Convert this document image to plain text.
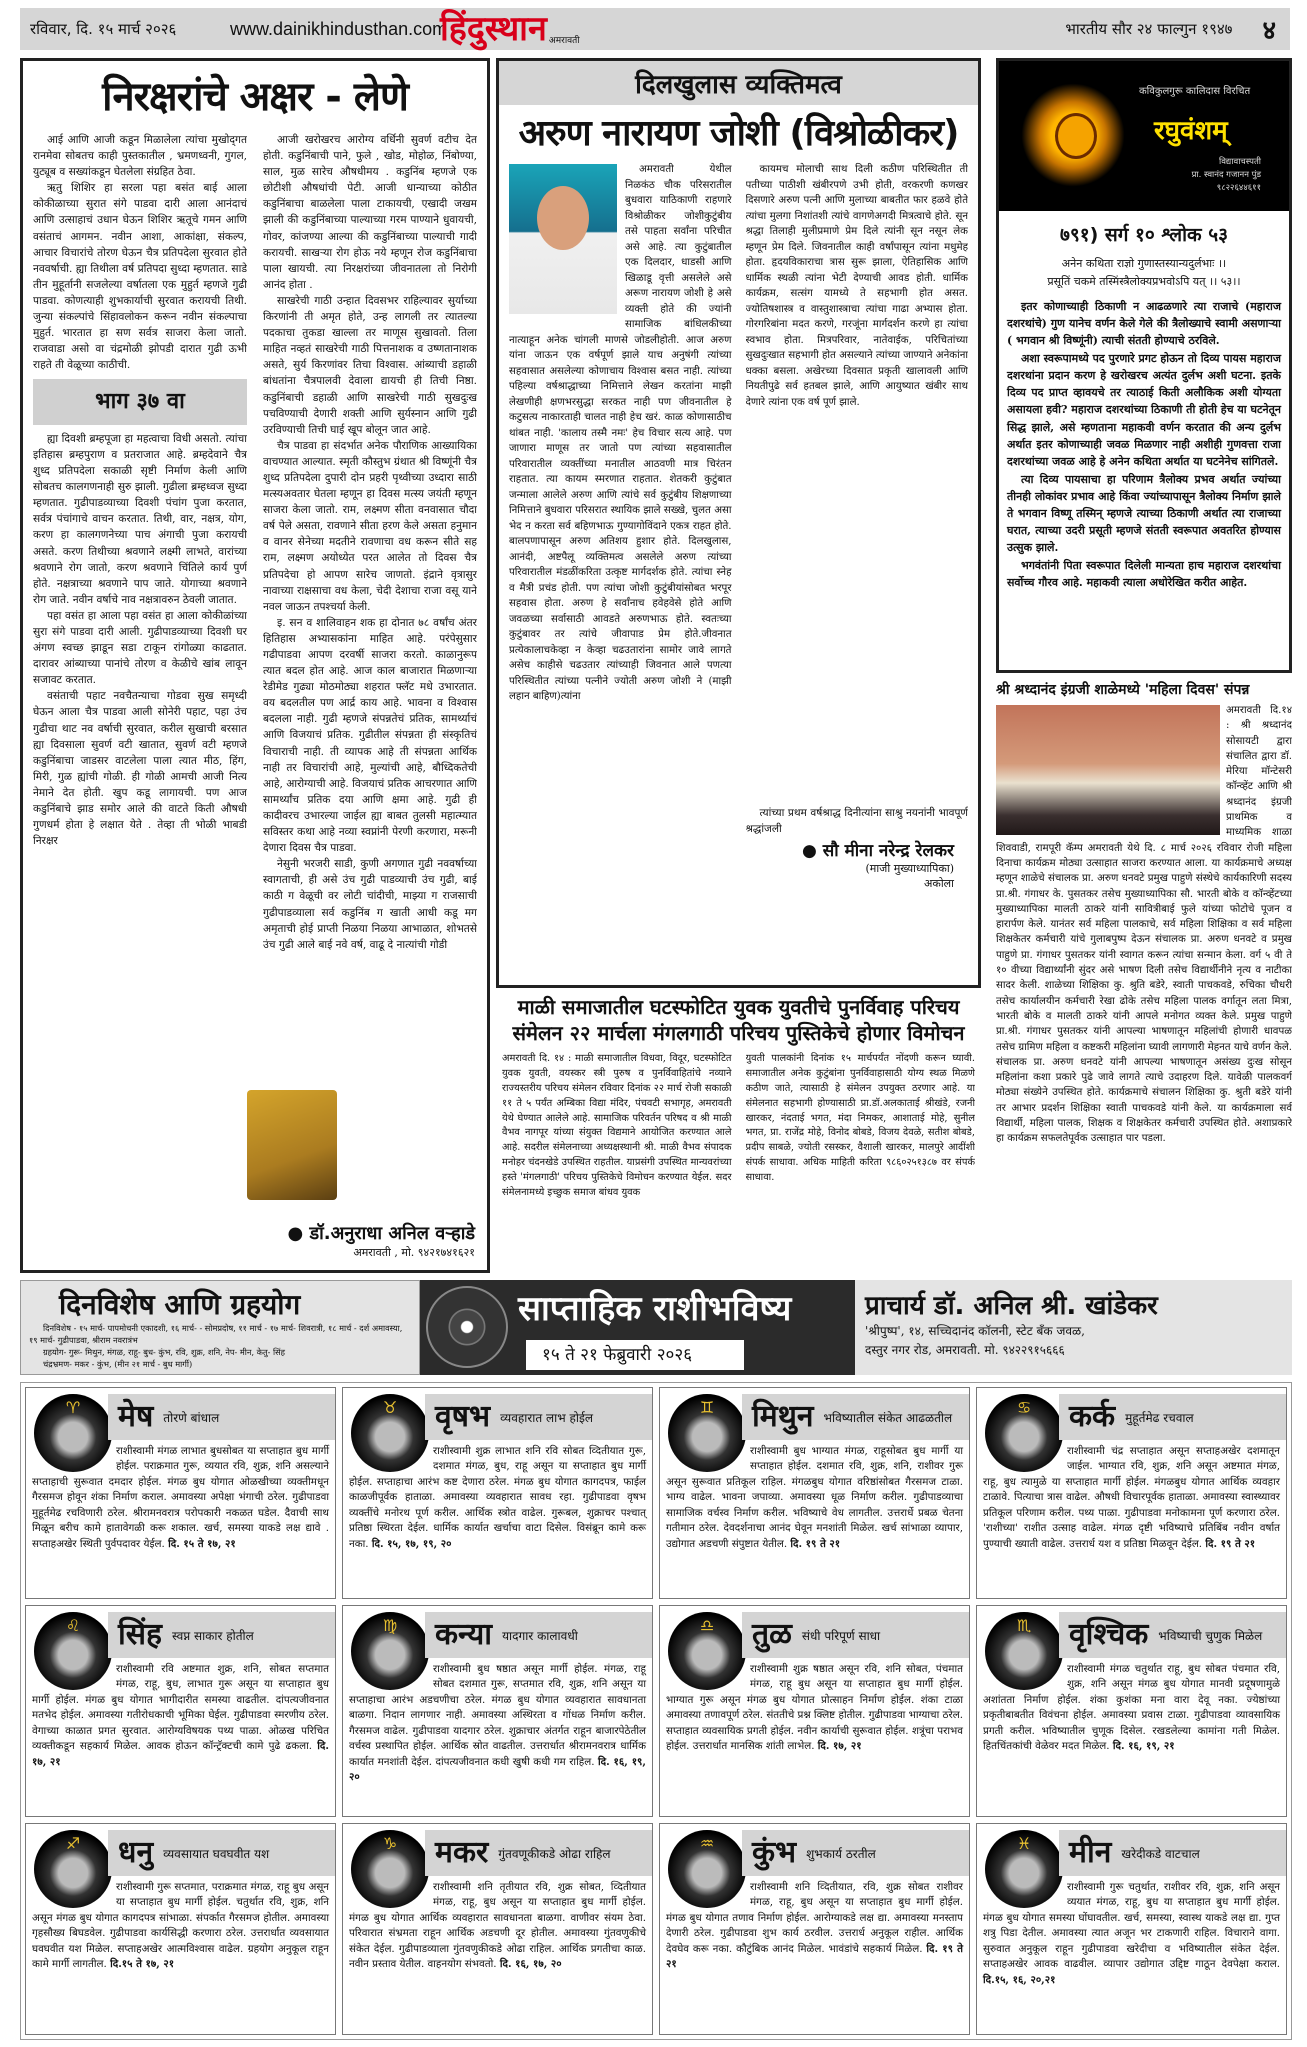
रविवार, दि. १५ मार्च २०२६	www.dainikhindusthan.com
हिंदुस्थान अमरावती
भारतीय सौर २४ फाल्गुन १९४७ ४
निरक्षरांचे अक्षर - लेणे

आई आणि आजी कडून मिळालेला त्यांचा मुखोद्‌गत रानमेवा सोबतच काही पुस्तकातील , भ्रमणध्वनी, गुगल, युट्यूब व सख्यांकडून घेतलेला संग्रहित ठेवा.

ऋतु शिशिर हा सरला पहा बसंत बाई आला कोकीळाच्या सुरात संगे पाडवा दारी आला आनंदाचं आणि उत्साहाचं उधान घेऊन शिशिर ऋतूचे गमन आणि वसंताचं आगमन. नवीन आशा, आकांक्षा, संकल्प, आचार विचारांचे तोरण घेऊन चैत्र प्रतिपदेला सुरवात होते नववर्षाची. ह्या तिथीला वर्ष प्रतिपदा सुध्दा म्हणतात. साडे तीन मुहूर्तानी सजलेल्या वर्षातला एक मुहुर्त म्हणजे गुढी पाडवा. कोणत्याही शुभकार्याची सुरवात करायची तिथी. जुन्या संकल्पांचे सिंहावलोकन करून नवीन संकल्पाचा मुहुर्त. भारतात हा सण सर्वत्र साजरा केला जातो. राजवाडा असो वा चंद्रमोळी झोपडी दारात गुढी ऊभी राहते ती वेळूच्या काठीची.

भाग ३७ वा

ह्या दिवशी ब्रम्हपूजा हा महत्वाचा विधी असतो. त्यांचा इतिहास ब्रम्हपुराण व प्रतराजात आहे. ब्रम्हदेवाने चैत्र शुध्द प्रतिपदेला सकाळी सृष्टी निर्माण केली आणि सोबतच कालगणनाही सुरु झाली. गुढीला ब्रम्हध्वज सुध्दा म्हणतात. गुढीपाडव्याच्या दिवशी पंचांग पुजा करतात, सर्वत्र पंचांगाचे वाचन करतात. तिथी, वार, नक्षत्र, योग, करण हा कालगणनेच्या पाच अंगाची पुजा करायची असते. करण तिथीच्या श्रवणाने लक्ष्मी लाभते, वारांच्या श्रवणाने रोग जातो, करण श्रवणाने चिंतिले कार्य पुर्ण होते. नक्षत्राच्या श्रवणाने पाप जाते. योगाच्या श्रवणाने रोग जाते. नवीन वर्षाचे नाव नक्षत्रावरुन ठेवली जातात.

पहा वसंत हा आला पहा वसंत हा आला कोकीळांच्या सुरा संगे पाडवा दारी आली. गुढीपाडव्याच्या दिवशी घर अंगण स्वच्छ झाडून सडा टाकून रांगोळ्या काढतात. दारावर आंब्याच्या पानांचे तोरण व केळीचे खांब लावून सजावट करतात.

वसंताची पहाट नवचैतन्याचा गोडवा सुख समृध्दी घेऊन आला चैत्र पाडवा आली सोनेरी पहाट, पहा उंच गुढीचा थाट नव वर्षाची सुरवात, करील सुखाची बरसात ह्या दिवसाला सुवर्ण वटी खातात, सुवर्ण वटी म्हणजे कडुनिंबाचा जाडसर वाटलेला पाला त्यात मीठ, हिंग, मिरी, गुळ ह्यांची गोळी. ही गोळी आमची आजी नित्य नेमाने देत होती. खुप कडू लागायची. पण आज कडुनिंबाचे झाड समोर आले की वाटते किती औषधी गुणधर्म होता हे लक्षात येते . तेव्हा ती भोळी भाबडी निरक्षर

आजी खरोखरच आरोग्य वर्धिनी सुवर्ण वटीच देत होती. कडुनिंबाची पाने, फुले , खोड, मोहोळ, निंबोण्या, साल, मुळ सारेच औषधीमय . कडुनिंब म्हणजे एक छोटीशी औषधांची पेटी. आजी धान्याच्या कोठीत कडुनिंबाचा बाळलेला पाला टाकायची, एखादी जखम झाली की कडुनिंबाच्या पाल्याच्या गरम पाण्याने धुवायची, गोवर, कांजण्या आल्या की कडुनिंबाच्या पाल्याची गादी करायची. साखऱ्या रोग होऊ नये म्हणून रोज कडुनिंबाचा पाला खायची. त्या निरक्षरांच्या जीवनातला तो निरोगी आनंद होता .

साखरेची गाठी उन्हात दिवसभर राहिल्यावर सुर्याच्या किरणांनी ती अमृत होते, उन्ह लागली तर त्यातल्या पदकाचा तुकडा खाल्ला तर माणूस सुखावतो. तिला माहित नव्हतं साखरेची गाठी पित्तनाशक व उष्णतानाशक असते, सुर्य किरणांवर तिचा विश्वास. आंब्याची डहाळी बांधतांना चैत्रपालवी देवाला द्यायची ही तिची निष्ठा. कडुनिंबाची डहाळी आणि साखरेची गाठी सुखदुःख पचविण्याची देणारी शक्ती आणि सुर्यस्नान आणि गुढी उरविण्याची तिची घाई खूप बोलून जात आहे.

चैत्र पाडवा हा संदर्भात अनेक पौराणिक आख्यायिका वाचण्यात आल्यात. स्मृती कौस्तुभ ग्रंथात श्री विष्णूंनी चैत्र शुध्द प्रतिपदेला दुपारी दोन प्रहरी पृथ्वीच्या उध्दारा साठी मत्स्यअवतार घेतला म्हणून हा दिवस मत्स्य जयंती म्हणून साजरा केला जातो. राम, लक्ष्मण सीता वनवासात चौदा वर्ष पेले असता, रावणाने सीता हरण केले असता हनुमान व वानर सेनेच्या मदतीने रावणाचा वध करून सीते सह राम, लक्ष्मण अयोध्येत परत आलेत तो दिवस चैत्र प्रतिपदेचा हो आपण सारेच जाणतो. इंद्राने वृत्रासुर नावाच्या राक्षसाचा वध केला, चेदी देशाचा राजा वसू याने नवल जाऊन तपश्चर्या केली.

इ. सन व शालिवाहन शक हा दोनात ७८ वर्षांच अंतर हितिहास अभ्यासकांना माहित आहे. परंपेसुसार गढीपाडवा आपण दरवर्षी साजरा करतो. काळानुरूप त्यात बदल होत आहे. आज काल बाजारात मिळणाऱ्या रेडीमेड गुढ्या मोठमोठ्या शहरात फ्लॅट मधे उभारतात. वय बदलतील पण आर्द्र काय आहे. भावना व विश्वास बदलला नाही. गुढी म्हणजे संपन्नतेचं प्रतिक, सामर्थ्याचं आणि विजयाचं प्रतिक. गुढीतील संपन्नता ही संस्कृतिचं विचाराची नाही. ती व्यापक आहे ती संपन्नता आर्थिक नाही तर विचारांची आहे, मुल्यांची आहे, बौध्दिकतेची आहे, आरोग्याची आहे. विजयाचं प्रतिक आचरणात आणि सामर्थ्यांच प्रतिक दया आणि क्षमा आहे. गुढी ही कादीवरच उभारल्या जाईल ह्या बाबत तुलसी महात्म्यात सविस्तर कथा आहे नव्या स्वप्नांनी पेरणी करणारा, मरूनी देणारा दिवस चैत्र पाडवा.

नेसुनी भरजरी साडी, कुणी अगणात गुढी नववर्षाच्या स्वागताची, ही असे उंच गुढी पाडव्याची उंच गुढी, बाई काठी ग वेळूची वर लोटी चांदीची, माझ्या ग राजसाची गुढीपाडव्याला सर्व कडुनिंब ग खाती आधी कडू मग अमृताची होई प्राप्ती निळया निळया आभाळात, शोभतसे उंच गुढी आले बाई नवे वर्ष, वाढू दे नात्यांची गोडी

● डॉ.अनुराधा अनिल वऱ्हाडे
अमरावती , मो. ९४२१७४१६२१
दिलखुलास व्यक्तिमत्व
अरुण नारायण जोशी (विश्रोळीकर)

अमरावती येथील निळकंठ चौक परिसरातील बुधवारा याठिकाणी राहणारे विश्रोळीकर जोशीकुटुंबीय तसे पाहता सर्वांना परिचीत असे आहे. त्या कुटुंबातील एक दिलदार, धाडसी आणि खिळाडू वृत्ती असलेले असे अरूण नारायण जोशी हे असे व्यक्ती होते की ज्यांनी सामाजिक बांधिलकीच्या नात्याहून अनेक चांगली माणसे जोडलीहोती. आज अरुण यांना जाऊन एक वर्षपूर्ण झाले याच अनुषंगी त्यांच्या सहवासात असलेल्या कोणाचाय विश्वास बसत नाही. त्यांच्या पहिल्या वर्षश्राद्धाच्या निमित्ताने लेखन करतांना माझी लेखणीही क्षणभरसुद्धा सरकत नाही पण जीवनातील हे कटुसत्य नाकारताही चालत नाही हेच खरं. काळ कोणासाठीच थांबत नाही. 'कालाय तस्मै नमः' हेच विचार सत्य आहे. पण जाणारा माणूस तर जातो पण त्यांच्या सहवासातील परिवारातील व्यक्तींच्या मनातील आठवणी मात्र चिरंतन राहतात. त्या कायम स्मरणात राहतात. शेतकरी कुटुंबात जन्माला आलेले अरुण आणि त्यांचे सर्व कुटुंबीय शिक्षणाच्या निमित्ताने बुधवारा परिसरात स्थायिक झाले सख्खे, चुलत असा भेद न करता सर्व बहिणभाऊ गुण्यागोविंदाने एकत्र राहत होते. बालपणापासून अरुण अतिशय हुशार होते. दिलखुलास, आनंदी, अष्टपैलू व्यक्तिमत्व असलेले अरुण त्यांच्या परिवारातील मंडळींकरिता उत्कृष्ट मार्गदर्शक होते. त्यांचा स्नेह व मैत्री प्रचंड होती. पण त्यांचा जोशी कुटुंबीयांसोबत भरपूर सहवास होता. अरुण हे सर्वांनाच हवेहवेसे होते आणि जवळच्या सर्वासाठी आवडते अरुणभाऊ होते. स्वतःच्या कुटुंबावर तर त्यांचे जीवापाड प्रेम होते.जीवनात प्रत्येकालाचकेव्हा न केव्हा चढउतारांना सामोर जावे लागते असेच काहीसे चढउतार त्यांच्याही जिवनात आले पणत्या परिस्थितीत त्यांच्या पत्नीने ज्योती अरुण जोशी ने (माझी लहान बाहिण)त्यांना

कायमच मोलाची साथ दिली कठीण परिस्थितीत ती पतीच्या पाठीशी खंबीरपणे उभी होती, वरकरणी कणखर दिसणारे अरुण पत्नी आणि मुलाच्या बाबतीत फार हळवे होते त्यांचा मुलगा निशांतशी त्यांचे वागणेअगदी मित्रत्वाचे होते. सून श्रद्धा तिलाही मुलीप्रमाणे प्रेम दिले त्यांनी सून नसून लेक म्हणून प्रेम दिले. जिवनातील काही वर्षांपासून त्यांना मधुमेह होता. हृदयविकाराचा त्रास सुरू झाला, ऐतिहासिक आणि धार्मिक स्थळी त्यांना भेटी देण्याची आवड होती. धार्मिक कार्यक्रम, सत्संग यामध्ये ते सहभागी होत असत. ज्योतिषशास्त्र व वास्तुशास्त्राचा त्यांचा गाढा अभ्यास होता. गोरगरिबांना मदत करणे, गरजूंना मार्गदर्शन करणे हा त्यांचा स्वभाव होता. मित्रपरिवार, नातेवाईक, परिचितांच्या सुखदुःखात सहभागी होत असल्याने त्यांच्या जाण्याने अनेकांना धक्का बसला. अखेरच्या दिवसात प्रकृती खालावली आणि नियतीपुढे सर्व हतबल झाले, आणि आयुष्यात खंबीर साथ देणारे त्यांना एक वर्ष पूर्ण झाले.

त्यांच्या प्रथम वर्षश्राद्ध दिनीत्यांना साश्रु नयनांनी भावपूर्ण श्रद्धांजली

● सौ मीना नरेन्द्र रेलकर
(माजी मुख्याध्यापिका)
अकोला
माळी समाजातील घटस्फोटित युवक युवतीचे पुनर्विवाह परिचय
संमेलन २२ मार्चला मंगलगाठी परिचय पुस्तिकेचे होणार विमोचन
अमरावती दि. १४ : माळी समाजातील विधवा, विदूर, घटस्फोटित युवक युवती, वयस्कर स्त्री पुरुष व पुनर्विवाहितांचे नव्याने राज्यस्तरीय परिचय संमेलन रविवार दिनांक २२ मार्च रोजी सकाळी ११ ते ५ पर्यंत अम्बिका विद्या मंदिर, पंचवटी सभागृह, अमरावती येथे घेण्यात आलेले आहे. सामाजिक परिवर्तन परिषद व श्री माळी वैभव नागपूर यांच्या संयुक्त विद्यमाने आयोजित करण्यात आले आहे. सदरील संमेलनाच्या अध्यक्षस्थानी श्री. माळी वैभव संपादक मनोहर चंदनखेडे उपस्थित राहतील. याप्रसंगी उपस्थित मान्यवरांच्या हस्ते 'मंगलगाठी' परिचय पुस्तिकेचे विमोचन करण्यात येईल. सदर संमेलनामध्ये इच्छुक समाज बांधव युवक
युवती पालकांनी दिनांक १५ मार्चपर्यंत नोंदणी करून घ्यावी. समाजातील अनेक कुटुंबांना पुनर्विवाहासाठी योग्य स्थळ मिळणे कठीण जाते, त्यासाठी हे संमेलन उपयुक्त ठरणार आहे. या संमेलनात सहभागी होण्यासाठी प्रा.डॉ.अलकाताई श्रीखंडे, रजनी खारकर, नंदताई भगत, मंदा निमकर, आशाताई मोहे, सुनील भगत, प्रा. राजेंद्र मोहे, विनोद बोबडे, विजय देवळे, सतीश बोबडे, प्रदीप साबळे, ज्योती रसस्कर, वैशाली खारकर, मालपुरे आदींशी संपर्क साधावा. अधिक माहिती करिता ९८६०२५१३८७ वर संपर्क साधावा.
कविकुलगुरू कालिदास विरचित
रघुवंशम्
विद्यावाचस्पती
प्रा. स्वानंद गजानन पुंड
९८२२६४४६११
७९१) सर्ग १० श्लोक ५३
अनेन कथिता राज्ञो गुणास्तस्यान्यदुर्लभाः ।।
प्रसूतिं चकमे तस्मिंस्त्रैलोक्यप्रभवोऽपि यत् ।। ५३।।

इतर कोणाच्याही ठिकाणी न आढळणारे त्या राजाचे (महाराज दशरथांचे) गुण यानेच वर्णन केले गेले की त्रैलोख्याचे स्वामी असणाऱ्या ( भगवान श्री विष्णूंनी) त्याची संतती होण्याचे ठरविले.

अशा स्वरूपामध्ये पद पुरणारे प्रगट होऊन तो दिव्य पायस महाराज दशरथांना प्रदान करण हे खरोखरच अत्यंत दुर्लभ अशी घटना. इतके दिव्य पद प्राप्त व्हावयचे तर त्याठाई किती अलौकिक अशी योग्यता असायला हवी? महाराज दशरथांच्या ठिकाणी ती होती हेच या घटनेतून सिद्ध झाले, असे म्हणताना महाकवी वर्णन करतात की अन्य दुर्लभ अर्थात इतर कोणाच्याही जवळ मिळणार नाही अशीही गुणवत्ता राजा दशरथांच्या जवळ आहे हे अनेन कथिता अर्थात या घटनेनेच सांगितले.

त्या दिव्य पायसाचा हा परिणाम त्रैलोक्य प्रभव अर्थात ज्यांच्या तीनही लोकांवर प्रभाव आहे किंवा ज्यांच्यापासून त्रैलोक्य निर्माण झाले ते भगवान विष्णू तस्मिन् म्हणजे त्याच्या ठिकाणी अर्थात त्या राजाच्या घरात, त्याच्या उदरी प्रसूती म्हणजे संतती स्वरूपात अवतरित होण्यास उत्सुक झाले.

भगवंतांनी पिता स्वरूपात दिलेली मान्यता हाच महाराज दशरथांचा सर्वोच्च गौरव आहे. महाकवी त्याला अधोरेखित करीत आहेत.

श्री श्रध्दानंद इंग्रजी शाळेमध्ये 'महिला दिवस' संपन्न
अमरावती दि.१४ : श्री श्रध्दानंद सोसायटी द्वारा संचालित द्वारा डॉ. मेरिया मॉन्टेसरी कॉन्व्हेंट आणि श्री श्रध्दानंद इंग्रजी प्राथमिक व माध्यमिक शाळा शिववाडी, रामपूरी कॅम्प अमरावती येथे दि. ८ मार्च २०२६ रविवार रोजी महिला दिनाचा कार्यक्रम मोठ्या उत्साहात साजरा करण्यात आला. या कार्यक्रमाचे अध्यक्ष म्हणून शाळेचे संचालक प्रा. अरुण धनवटे प्रमुख पाहुणे संस्थेचे कार्यकारिणी सदस्य प्रा.श्री. गंगाधर के. पुसतकर तसेच मुख्याध्यापिका सौ. भारती बोके व कॉन्व्हेंटच्या मुख्याध्यापिका मालती ठाकरे यांनी सावित्रीबाई फुले यांच्या फोटोचे पूजन व हारार्पण केले. यानंतर सर्व महिला पालकाचे, सर्व महिला शिक्षिका व सर्व महिला शिक्षकेतर कर्मचारी यांचे गुलाबपुष्प देऊन संचालक प्रा. अरुण धनवटे व प्रमुख पाहुणे प्रा. गंगाधर पुसतकर यांनी स्वागत करून त्यांचा सन्मान केला. वर्ग ५ वी ते १० वीच्या विद्यार्थ्यांनी सुंदर असे भाषण दिली तसेच विद्यार्थीनीने नृत्य व नाटीका सादर केली. शाळेच्या शिक्षिका कु. श्रुति बडेरे, स्वाती पाचकवडे, रुचिका चौधरी तसेच कार्यालयीन कर्मचारी रेखा ढोके तसेच महिला पालक वर्गातून लता मित्रा, भारती बोके व मालती ठाकरे यांनी आपले मनोगत व्यक्त केले. प्रमुख पाहुणे प्रा.श्री. गंगाधर पुसतकर यांनी आपल्या भाषणातून महिलांची होणारी धावपळ तसेच ग्रामिण महिला व कष्टकरी महिलांना घ्यावी लागणारी मेहनत याचे वर्णन केले. संचालक प्रा. अरुण धनवटे यांनी आपल्या भाषणातून असंख्य दुःख सोसून महिलांना कशा प्रकारे पुढे जावे लागते त्याचे उदाहरण दिले. यावेळी पालकवर्ग मोठ्या संख्येने उपस्थित होते. कार्यक्रमाचे संचालन शिक्षिका कु. श्रुती बडेरे यांनी तर आभार प्रदर्शन शिक्षिका स्वाती पाचकवडे यांनी केले. या कार्यक्रमाला सर्व विद्यार्थी, महिला पालक, शिक्षक व शिक्षकेतर कर्मचारी उपस्थित होते. अशाप्रकारे हा कार्यक्रम सफलतेपूर्वक उत्साहात पार पडला.
दिनविशेष आणि ग्रहयोग
दिनविशेष - १५ मार्च- पापमोचनी एकादशी, १६ मार्च- - सोमप्रदोष, ११ मार्च - १७ मार्च- शिवरात्री, १८ मार्च - दर्श अमावस्या, १९ मार्च- गुढीपाडवा, श्रीराम नवरात्रंभ
ग्रहयोग- गुरू- मिथुन, मंगळ, राहू- बुध- कुंभ, रवि, शुक्र, शनि, नेप- मीन, केतु- सिंह
चंद्रभ्रमण- मकर - कुंभ, (मीन २१ मार्च - बुध मार्गी)
साप्ताहिक राशीभविष्य
१५ ते २१ फेब्रुवारी २०२६
प्राचार्य डॉ. अनिल श्री. खांडेकर
'श्रीपुष्प', १४, सच्चिदानंद कॉलनी, स्टेट बँक जवळ,
दस्तुर नगर रोड, अमरावती. मो. ९४२२९१५६६६
♈	मेष तोरणे बांधाल
राशीस्वामी मंगळ लाभात बुधसोबत या सप्ताहात बुध मार्गी होईल. पराक्रमात गुरू, व्ययात रवि, शुक्र, शनि असल्याने सप्ताहाची सुरूवात दमदार होईल. मंगळ बुध योगात ओळखीच्या व्यक्तीमधून गैरसमज होवून शंका निर्माण कराल. अमावस्या अपेक्षा भंगाची ठरेल. गुढीपाडवा मुहूर्तमेढ रचविणारी ठरेल. श्रीरामनवरात्र परोपकारी नकळत घडेल. दैवाची साथ मिळून बरीच कामे हातावेगळी करू शकाल. खर्च, समस्या याकडे लक्ष द्यावे . सप्ताहअखेर स्थिती पुर्वपदावर येईल. दि. १५ ते १७, २१
♉	वृषभ व्यवहारात लाभ होईल
राशीस्वामी शुक्र लाभात शनि रवि सोबत व्दितीयात गुरू, दशमात मंगळ, बुध, राहू असून या सप्ताहात बुध मार्गी होईल. सप्ताहाचा आरंभ कष्ट देणारा ठरेल. मंगळ बुध योगात कागदपत्र, फाईल काळजीपूर्वक हाताळा. अमावस्या व्यवहारात सावध रहा. गुढीपाडवा वृषभ व्यक्तींचे मनोरथ पूर्ण करील. आर्थिक स्त्रोत वाढेल. गुरूबल, शुक्राचर पश्चात्‌ प्रतिष्ठा स्थिरता देईल. धार्मिक कार्यात खर्चाचा वाटा दिसेल. विसंब्रून कामे करू नका. दि. १५, १७, १९, २०
♊	मिथुन भविष्यातील संकेत आढळतील
राशीस्वामी बुध भाग्यात मंगळ, राहूसोबत बुध मार्गी या सप्ताहात होईल. दशमात रवि, शुक्र, शनि, राशीवर गुरू असून सुरूवात प्रतिकूल राहिल. मंगळबुध योगात वरिष्ठांसोबत गैरसमज टाळा. भाग्य वाढेल. भावना जपाव्या. अमावस्या धूळ निर्माण करील. गुढीपाडव्याचा सामाजिक वर्चस्व निर्माण करील. भविष्याचे वेध लागतील. उत्तरार्धे प्रबळ चेतना गतीमान ठरेल. देवदर्शनाचा आनंद घेवून मनशांती मिळेल. खर्च सांभाळा व्यापार, उद्योगात अडचणी संपुष्टात येतील. दि. १९ ते २१
♋	कर्क मुहूर्तमेढ रचवाल
राशीस्वामी चंद्र सप्ताहात असून सप्ताहअखेर दशमातून जाईल. भाग्यात रवि, शुक्र, शनि असून अष्टमात मंगळ, राहू, बुध त्यामुळे या सप्ताहात मार्गी होईल. मंगळबुध योगात आर्थिक व्यवहार टाळावे. पित्याचा त्रास वाढेल. औषधी विचारपूर्वक हाताळा. अमावस्या स्वास्थ्यावर प्रतिकूल परिणाम करील. पथ्य पाळा. गुढीपाडवा मनोकामना पूर्ण करणारा ठरेल. 'राशीच्या' राशीत उत्साह वाढेल. मंगळ दृष्टी भविष्याचे प्रतिबिंब नवीन वर्षात पुण्याची ख्याती वाढेल. उत्तरार्ध यश व प्रतिष्ठा मिळवून देईल. दि. १९ ते २१
♌	सिंह स्वप्न साकार होतील
राशीस्वामी रवि अष्टमात शुक्र, शनि, सोबत सप्तमात मंगळ, राहू, बुध, लाभात गुरू असून या सप्ताहात बुध मार्गी होईल. मंगळ बुध योगात भागीदारीत समस्या वाढतील. दांपत्यजीवनात मतभेद होईल. अमावस्या गतीरोधकाची भूमिका घेईल. गुढीपाडवा स्मरणीय ठरेल. वेगाच्या काळात प्रगत सुरवात. आरोग्यविषयक पथ्य पाळा. ओळख परिचित व्यक्तीकडून सहकार्य मिळेल. आवक होऊन कॉन्ट्रॅक्टची कामे पुढे ढकला. दि. १७, २१
♍	कन्या यादगार कालावधी
राशीस्वामी बुध षष्ठात असून मार्गी होईल. मंगळ, राहू सोबत दशमात गुरू, सप्तमात रवि, शुक्र, शनि असून या सप्ताहाचा आरंभ अडचणीचा ठरेल. मंगळ बुध योगात व्यवहारात सावधानता बाळगा. निदान लागणार नाही. अमावस्या अस्थिरता व गोंधळ निर्माण करील. गैरसमज वाढेल. गुढीपाडवा यादगार ठरेल. शुक्राचार अंतर्गत राहून बाजारपेठेतील वर्चस्व प्रस्थापित होईल. आर्थिक स्रोत वाढतील. उत्तरार्धात श्रीरामनवरात्र धार्मिक कार्यात मनशांती देईल. दांपत्यजीवनात कधी खुषी कधी गम राहिल. दि. १६, १९, २०
♎	तुळ संधी परिपूर्ण साधा
राशीस्वामी शुक्र षष्ठात असून रवि, शनि सोबत, पंचमात मंगळ, राहू बुध असून या सप्ताहात बुध मार्गी होईल. भाग्यात गुरू असून मंगळ बुध योगात प्रोत्साहन निर्माण होईल. शंका टाळा अमावस्या तणावपूर्ण ठरेल. संततीचे प्रश्न क्लिष्ट होतील. गुढीपाडवा भाग्याचा ठरेल. सप्ताहात व्यवसायिक प्रगती होईल. नवीन कार्याची सुरूवात होईल. शत्रूंचा पराभव होईल. उत्तरार्धात मानसिक शांती लाभेल. दि. १७, २१
♏	वृश्चिक भविष्याची चुणुक मिळेल
राशीस्वामी मंगळ चतुर्थात राहू, बुध सोबत पंचमात रवि, शुक्र, शनि असून मंगळ बुध योगात मानवी प्रदूषणामुळे अशांतता निर्माण होईल. शंका कुशंका मना वारा देवू नका. ज्येष्ठांच्या प्रकृतीबाबतीत विवंचना होईल. अमावस्या प्रवास टाळा. गुढीपाडवा व्यावसायिक प्रगती करील. भविष्यातील चुणूक दिसेल. रखडलेल्या कामांना गती मिळेल. हितचिंतकांची वेळेवर मदत मिळेल. दि. १६, १९, २१
♐	धनु व्यवसायात घवघवीत यश
राशीस्वामी गुरू सप्तमात, पराक्रमात मंगळ, राहू बुध असून या सप्ताहात बुध मार्गी होईल. चतुर्थात रवि, शुक्र, शनि असून मंगळ बुध योगात कागदपत्र सांभाळा. संपर्कात गैरसमज होतील. अमावस्या गृहसौख्य बिघडवेल. गुढीपाडवा कार्यसिद्धी करणारा ठरेल. उत्तरार्धात व्यवसायात घवघवीत यश मिळेल. सप्ताहअखेर आत्मविश्वास वाढेल. ग्रहयोग अनुकूल राहून कामे मार्गी लागतील. दि.१५ ते १७, २१
♑	मकर गुंतवणूकीकडे ओढा राहिल
राशीस्वामी शनि तृतीयात रवि, शुक्र सोबत, व्दितीयात मंगळ, राहू, बुध असून या सप्ताहात बुध मार्गी होईल. मंगळ बुध योगात आर्थिक व्यवहारात सावधानता बाळगा. वाणीवर संयम ठेवा. परिवारात संभ्रमता राहून आर्थिक अडचणी दूर होतील. अमावस्या गुंतवणुकीचे संकेत देईल. गुढीपाडव्याला गुंतवणुकीकडे ओढा राहिल. आर्थिक प्रगतीचा काळ. नवीन प्रस्ताव येतील. वाहनयोग संभवतो. दि. १६, १७, २०
♒	कुंभ शुभकार्य ठरतील
राशीस्वामी शनि व्दितीयात, रवि, शुक्र सोबत राशीवर मंगळ, राहू, बुध असून या सप्ताहात बुध मार्गी होईल. मंगळ बुध योगात तणाव निर्माण होईल. आरोग्याकडे लक्ष द्या. अमावस्या मनस्ताप देणारी ठरेल. गुढीपाडवा शुभ कार्य ठरवील. उत्तरार्ध अनुकूल राहील. आर्थिक देवघेव करू नका. कौटुंबिक आनंद मिळेल. भावंडांचे सहकार्य मिळेल. दि. १९ ते २१
♓	मीन खरेदीकडे वाटचाल
राशीस्वामी गुरू चतुर्थात, राशीवर रवि, शुक्र, शनि असून व्ययात मंगळ, राहू, बुध या सप्ताहात बुध मार्गी होईल. मंगळ बुध योगात समस्या घोंघावतील. खर्च, समस्या, स्वास्थ याकडे लक्ष द्या. गुप्त शत्रु पिडा देतील. अमावस्या त्यात अजून भर टाकणारी राहिल. विचाराने वागा. सुरुवात अनुकूल राहून गुढीपाडवा खरेदीचा व भविष्यातील संकेत देईल. सप्ताहअखेर आवक वाढवील. व्यापार उद्योगात उद्दिष्ट गाठून देवपेक्षा कराल. दि.१५, १६, २०,२१
